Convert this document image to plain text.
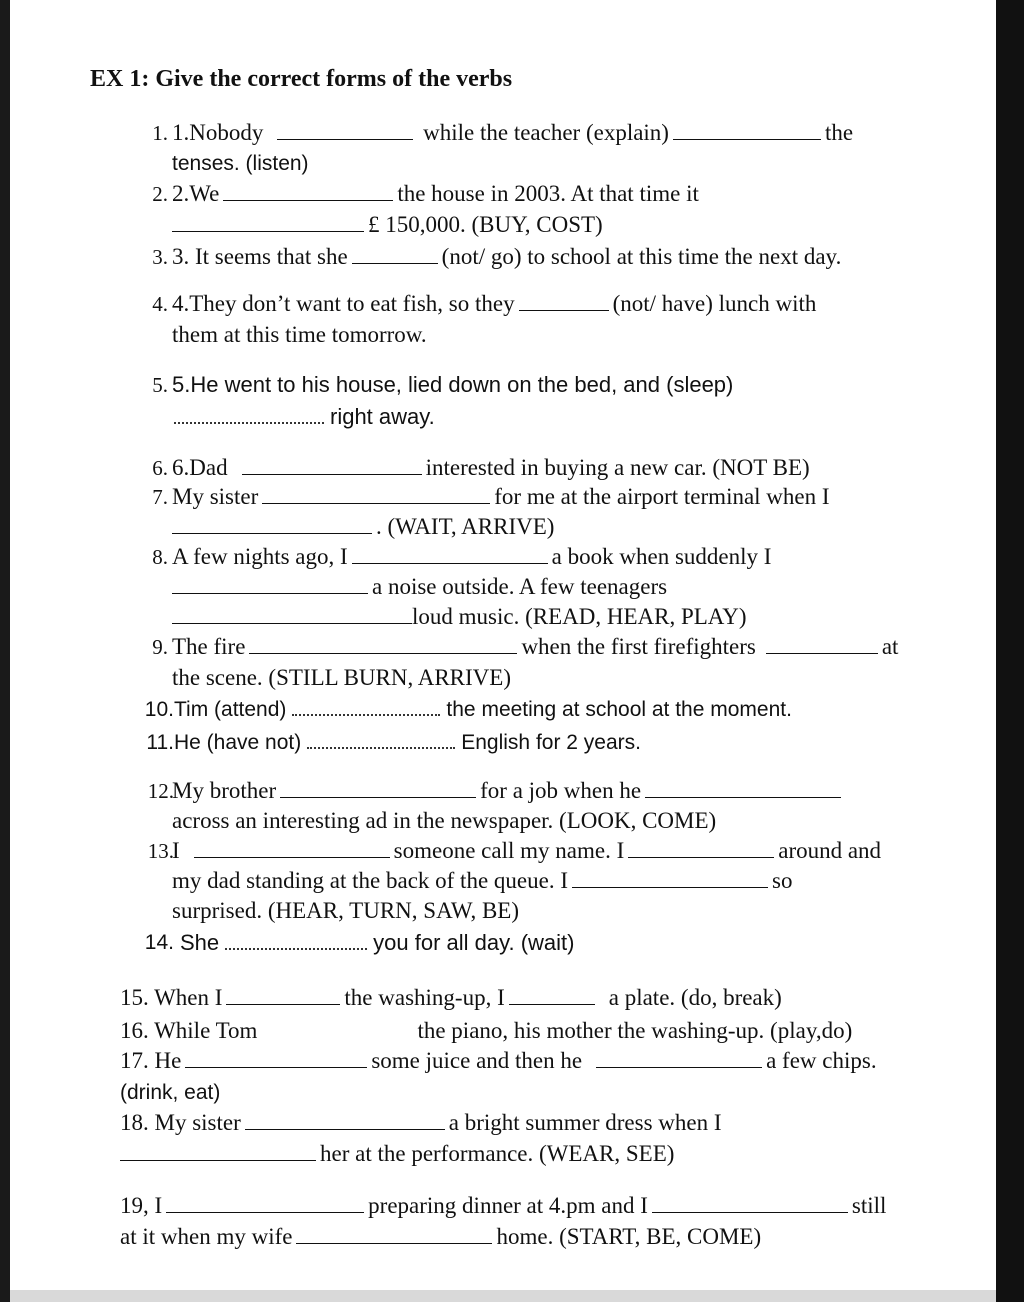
EX 1: Give the correct forms of the verbs
1. 1.Nobody	while the teacher (explain)	the
tenses. (listen)
2. 2.We	the house in 2003. At that time it
£ 150,000. (BUY, COST)
3. 3. It seems that she	(not/ go) to school at this time the next day.
4. 4.They don’t want to eat fish, so they	(not/ have) lunch with
them at this time tomorrow.
5. 5.He went to his house, lied down on the bed, and (sleep)
right away.
6. 6.Dad	interested in buying a new car. (NOT BE)
7. My sister	for me at the airport terminal when I
. (WAIT, ARRIVE)
8. A few nights ago, I	a book when suddenly I
a noise outside. A few teenagers
loud music. (READ, HEAR, PLAY)
9. The fire	when the first firefighters	at
the scene. (STILL BURN, ARRIVE)
10. Tim (attend)	the meeting at school at the moment.
11. He (have not)	English for 2 years.
12.
My brother	for a job when he
across an interesting ad in the newspaper. (LOOK, COME)
13.
I	someone call my name. I	around and
my dad standing at the back of the queue. I	so
surprised. (HEAR, TURN, SAW, BE)
14. She	you for all day. (wait)
15. When I	the washing-up, I	a plate. (do, break)
16. While Tom	the piano, his mother the washing-up. (play,do)
17. He	some juice and then he	a few chips.
(drink, eat)
18. My sister	a bright summer dress when I
her at the performance. (WEAR, SEE)
19, I	preparing dinner at 4.pm and I	still
at it when my wife	home. (START, BE, COME)
